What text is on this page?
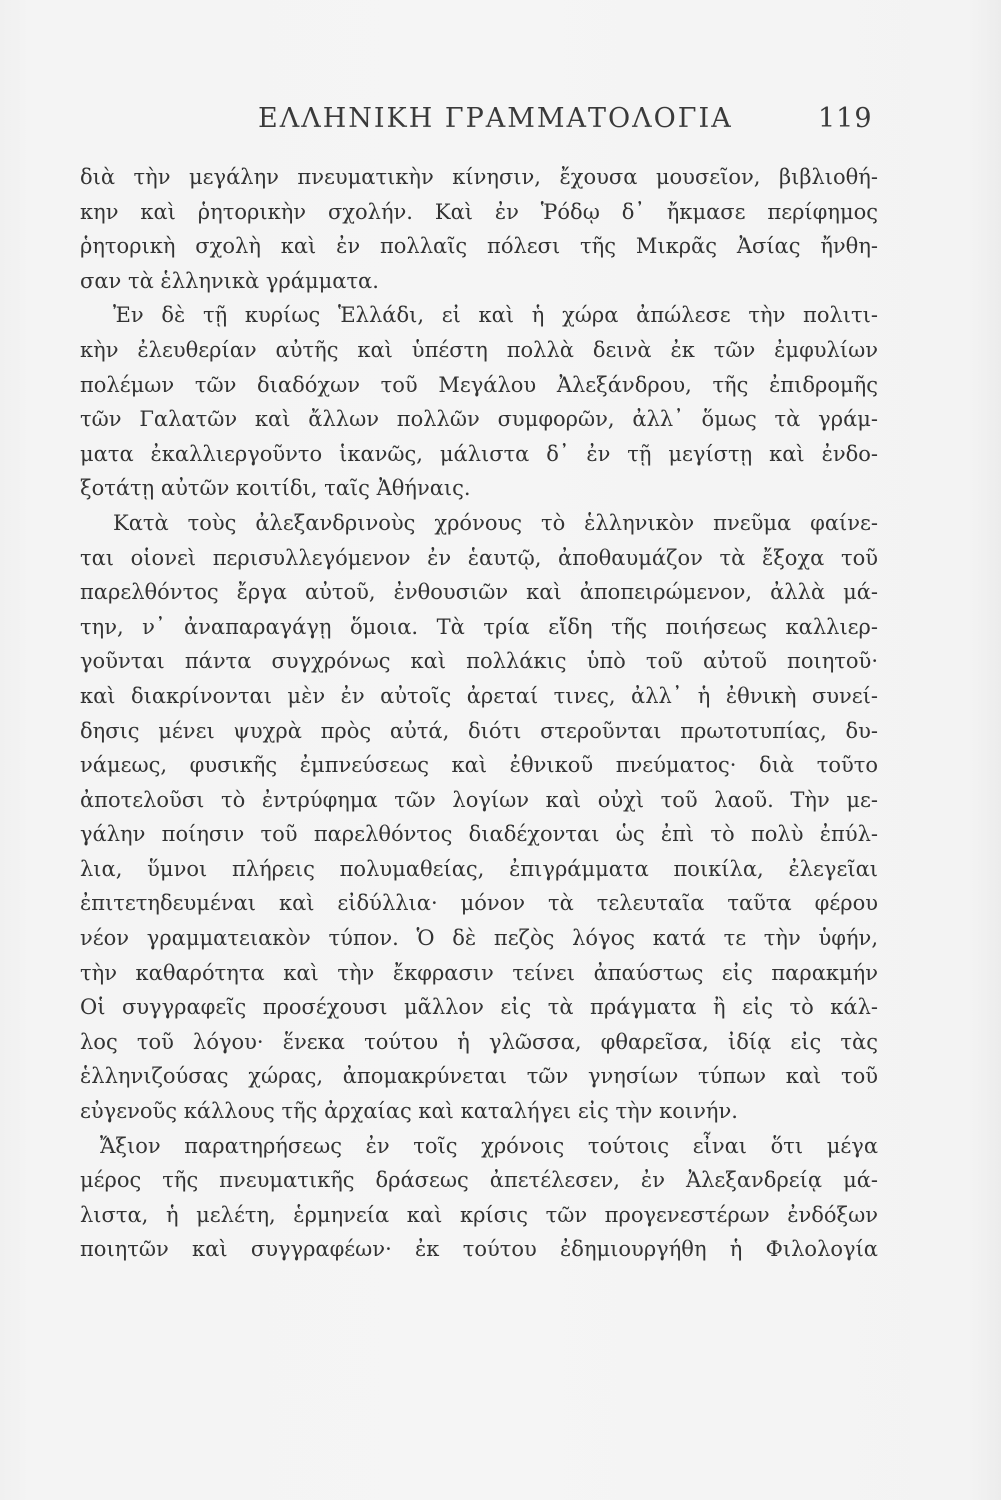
ΕΛΛΗΝΙΚΗ ΓΡΑΜΜΑΤΟΛΟΓΙΑ	119

διὰ τὴν μεγάλην πνευματικὴν κίνησιν, ἔχουσα μουσεῖον, βιβλιοθή-
κην καὶ ῥητορικὴν σχολήν. Καὶ ἐν Ῥόδῳ δ᾽ ἤκμασε περίφημος
ῥητορικὴ σχολὴ καὶ ἐν πολλαῖς πόλεσι τῆς Μικρᾶς Ἀσίας ἤνθη-
σαν τὰ ἑλληνικὰ γράμματα.

Ἐν δὲ τῇ κυρίως Ἑλλάδι, εἰ καὶ ἡ χώρα ἀπώλεσε τὴν πολιτι-
κὴν ἐλευθερίαν αὐτῆς καὶ ὑπέστη πολλὰ δεινὰ ἐκ τῶν ἐμφυλίων
πολέμων τῶν διαδόχων τοῦ Μεγάλου Ἀλεξάνδρου, τῆς ἐπιδρομῆς
τῶν Γαλατῶν καὶ ἄλλων πολλῶν συμφορῶν, ἀλλ᾽ ὅμως τὰ γράμ-
ματα ἐκαλλιεργοῦντο ἱκανῶς, μάλιστα δ᾽ ἐν τῇ μεγίστῃ καὶ ἐνδο-
ξοτάτῃ αὐτῶν κοιτίδι, ταῖς Ἀθήναις.

Κατὰ τοὺς ἀλεξανδρινοὺς χρόνους τὸ ἑλληνικὸν πνεῦμα φαίνε-
ται οἱονεὶ περισυλλεγόμενον ἐν ἑαυτῷ, ἀποθαυμάζον τὰ ἔξοχα τοῦ
παρελθόντος ἔργα αὐτοῦ, ἐνθουσιῶν καὶ ἀποπειρώμενον, ἀλλὰ μά-
την, ν᾽ ἀναπαραγάγῃ ὅμοια. Τὰ τρία εἴδη τῆς ποιήσεως καλλιερ-
γοῦνται πάντα συγχρόνως καὶ πολλάκις ὑπὸ τοῦ αὐτοῦ ποιητοῦ·
καὶ διακρίνονται μὲν ἐν αὐτοῖς ἀρεταί τινες, ἀλλ᾽ ἡ ἐθνικὴ συνεί-
δησις μένει ψυχρὰ πρὸς αὐτά, διότι στεροῦνται πρωτοτυπίας, δυ-
νάμεως, φυσικῆς ἐμπνεύσεως καὶ ἐθνικοῦ πνεύματος· διὰ τοῦτο
ἀποτελοῦσι τὸ ἐντρύφημα τῶν λογίων καὶ οὐχὶ τοῦ λαοῦ. Τὴν με-
γάλην ποίησιν τοῦ παρελθόντος διαδέχονται ὡς ἐπὶ τὸ πολὺ ἐπύλ-
λια, ὕμνοι πλήρεις πολυμαθείας, ἐπιγράμματα ποικίλα, ἐλεγεῖαι
ἐπιτετηδευμέναι καὶ εἰδύλλια· μόνον τὰ τελευταῖα ταῦτα φέρου
νέον γραμματειακὸν τύπον. Ὁ δὲ πεζὸς λόγος κατά τε τὴν ὑφήν,
τὴν καθαρότητα καὶ τὴν ἔκφρασιν τείνει ἀπαύστως εἰς παρακμήν
Οἱ συγγραφεῖς προσέχουσι μᾶλλον εἰς τὰ πράγματα ἢ εἰς τὸ κάλ-
λος τοῦ λόγου· ἕνεκα τούτου ἡ γλῶσσα, φθαρεῖσα, ἰδίᾳ εἰς τὰς
ἑλληνιζούσας χώρας, ἀπομακρύνεται τῶν γνησίων τύπων καὶ τοῦ
εὐγενοῦς κάλλους τῆς ἀρχαίας καὶ καταλήγει εἰς τὴν κοινήν.

Ἄξιον παρατηρήσεως ἐν τοῖς χρόνοις τούτοις εἶναι ὅτι μέγα
μέρος τῆς πνευματικῆς δράσεως ἀπετέλεσεν, ἐν Ἀλεξανδρείᾳ μά-
λιστα, ἡ μελέτη, ἑρμηνεία καὶ κρίσις τῶν προγενεστέρων ἐνδόξων
ποιητῶν καὶ συγγραφέων· ἐκ τούτου ἐδημιουργήθη ἡ Φιλολογία
